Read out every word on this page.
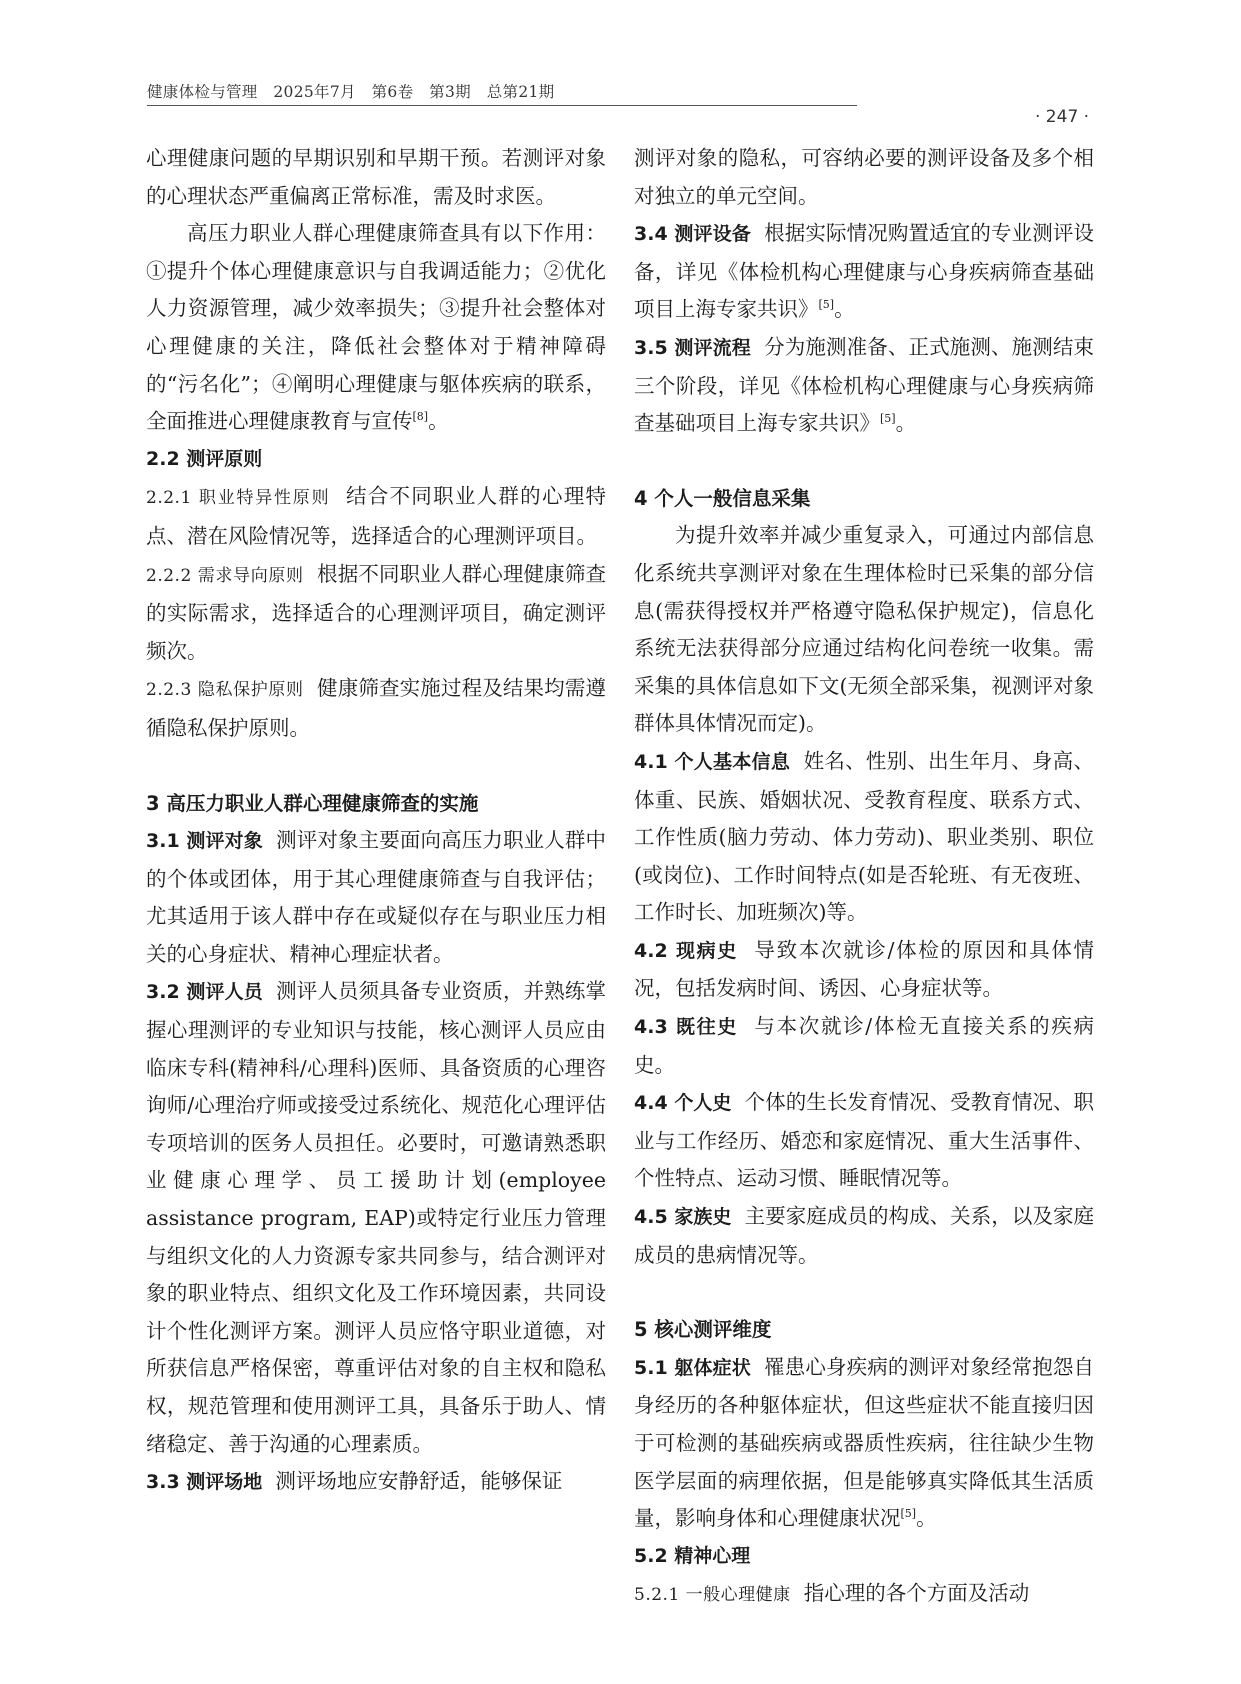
健康体检与管理　2025年7月　第6卷　第3期　总第21期
· 247 ·

心理健康问题的早期识别和早期干预。若测评对象的心理状态严重偏离正常标准，需及时求医。

高压力职业人群心理健康筛查具有以下作用：①提升个体心理健康意识与自我调适能力；②优化人力资源管理，减少效率损失；③提升社会整体对心理健康的关注，降低社会整体对于精神障碍的“污名化”；④阐明心理健康与躯体疾病的联系，全面推进心理健康教育与宣传[8]。

2.2 测评原则

2.2.1 职业特异性原则 结合不同职业人群的心理特点、潜在风险情况等，选择适合的心理测评项目。

2.2.2 需求导向原则 根据不同职业人群心理健康筛查的实际需求，选择适合的心理测评项目，确定测评频次。

2.2.3 隐私保护原则 健康筛查实施过程及结果均需遵循隐私保护原则。

3 高压力职业人群心理健康筛查的实施

3.1 测评对象 测评对象主要面向高压力职业人群中的个体或团体，用于其心理健康筛查与自我评估；尤其适用于该人群中存在或疑似存在与职业压力相关的心身症状、精神心理症状者。

3.2 测评人员 测评人员须具备专业资质，并熟练掌握心理测评的专业知识与技能，核心测评人员应由临床专科(精神科/心理科)医师、具备资质的心理咨询师/心理治疗师或接受过系统化、规范化心理评估专项培训的医务人员担任。必要时，可邀请熟悉职业健康心理学、员工援助计划(employee assistance program, EAP)或特定行业压力管理与组织文化的人力资源专家共同参与，结合测评对象的职业特点、组织文化及工作环境因素，共同设计个性化测评方案。测评人员应恪守职业道德，对所获信息严格保密，尊重评估对象的自主权和隐私权，规范管理和使用测评工具，具备乐于助人、情绪稳定、善于沟通的心理素质。

3.3 测评场地 测评场地应安静舒适，能够保证

测评对象的隐私，可容纳必要的测评设备及多个相对独立的单元空间。

3.4 测评设备 根据实际情况购置适宜的专业测评设备，详见《体检机构心理健康与心身疾病筛查基础项目上海专家共识》[5]。

3.5 测评流程 分为施测准备、正式施测、施测结束三个阶段，详见《体检机构心理健康与心身疾病筛查基础项目上海专家共识》[5]。

4 个人一般信息采集

为提升效率并减少重复录入，可通过内部信息化系统共享测评对象在生理体检时已采集的部分信息(需获得授权并严格遵守隐私保护规定)，信息化系统无法获得部分应通过结构化问卷统一收集。需采集的具体信息如下文(无须全部采集，视测评对象群体具体情况而定)。

4.1 个人基本信息 姓名、性别、出生年月、身高、体重、民族、婚姻状况、受教育程度、联系方式、工作性质(脑力劳动、体力劳动)、职业类别、职位(或岗位)、工作时间特点(如是否轮班、有无夜班、工作时长、加班频次)等。

4.2 现病史 导致本次就诊/体检的原因和具体情况，包括发病时间、诱因、心身症状等。

4.3 既往史 与本次就诊/体检无直接关系的疾病史。

4.4 个人史 个体的生长发育情况、受教育情况、职业与工作经历、婚恋和家庭情况、重大生活事件、个性特点、运动习惯、睡眠情况等。

4.5 家族史 主要家庭成员的构成、关系，以及家庭成员的患病情况等。

5 核心测评维度

5.1 躯体症状 罹患心身疾病的测评对象经常抱怨自身经历的各种躯体症状，但这些症状不能直接归因于可检测的基础疾病或器质性疾病，往往缺少生物医学层面的病理依据，但是能够真实降低其生活质量，影响身体和心理健康状况[5]。

5.2 精神心理

5.2.1 一般心理健康 指心理的各个方面及活动
